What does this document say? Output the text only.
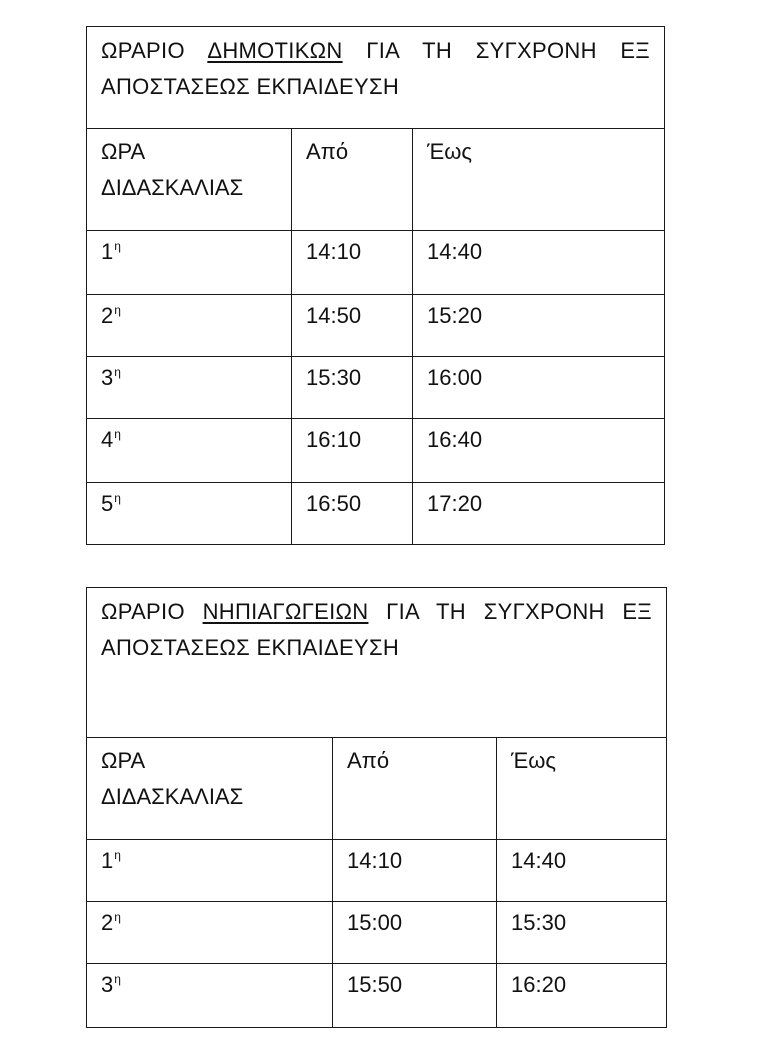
ΩΡΑΡΙΟ ΔΗΜΟΤΙΚΩΝ ΓΙΑ ΤΗ ΣΥΓΧΡΟΝΗ ΕΞ ΑΠΟΣΤΑΣΕΩΣ ΕΚΠΑΙΔΕΥΣΗ		

ΩΡΑ ΔΙΔΑΣΚΑΛΙΑΣ	Από	Έως
$1^\eta$	14:10	14:40
$2^\eta$	14:50	15:20
$3^\eta$	15:30	16:00
$4^\eta$	16:10	16:40
$5^\eta$	16:50	17:20
ΩΡΑΡΙΟ ΝΗΠΙΑΓΩΓΕΙΩΝ ΓΙΑ ΤΗ ΣΥΓΧΡΟΝΗ ΕΞ ΑΠΟΣΤΑΣΕΩΣ ΕΚΠΑΙΔΕΥΣΗ		

ΩΡΑ ΔΙΔΑΣΚΑΛΙΑΣ	Από	Έως
$1^\eta$	14:10	14:40
$2^\eta$	15:00	15:30
$3^\eta$	15:50	16:20
